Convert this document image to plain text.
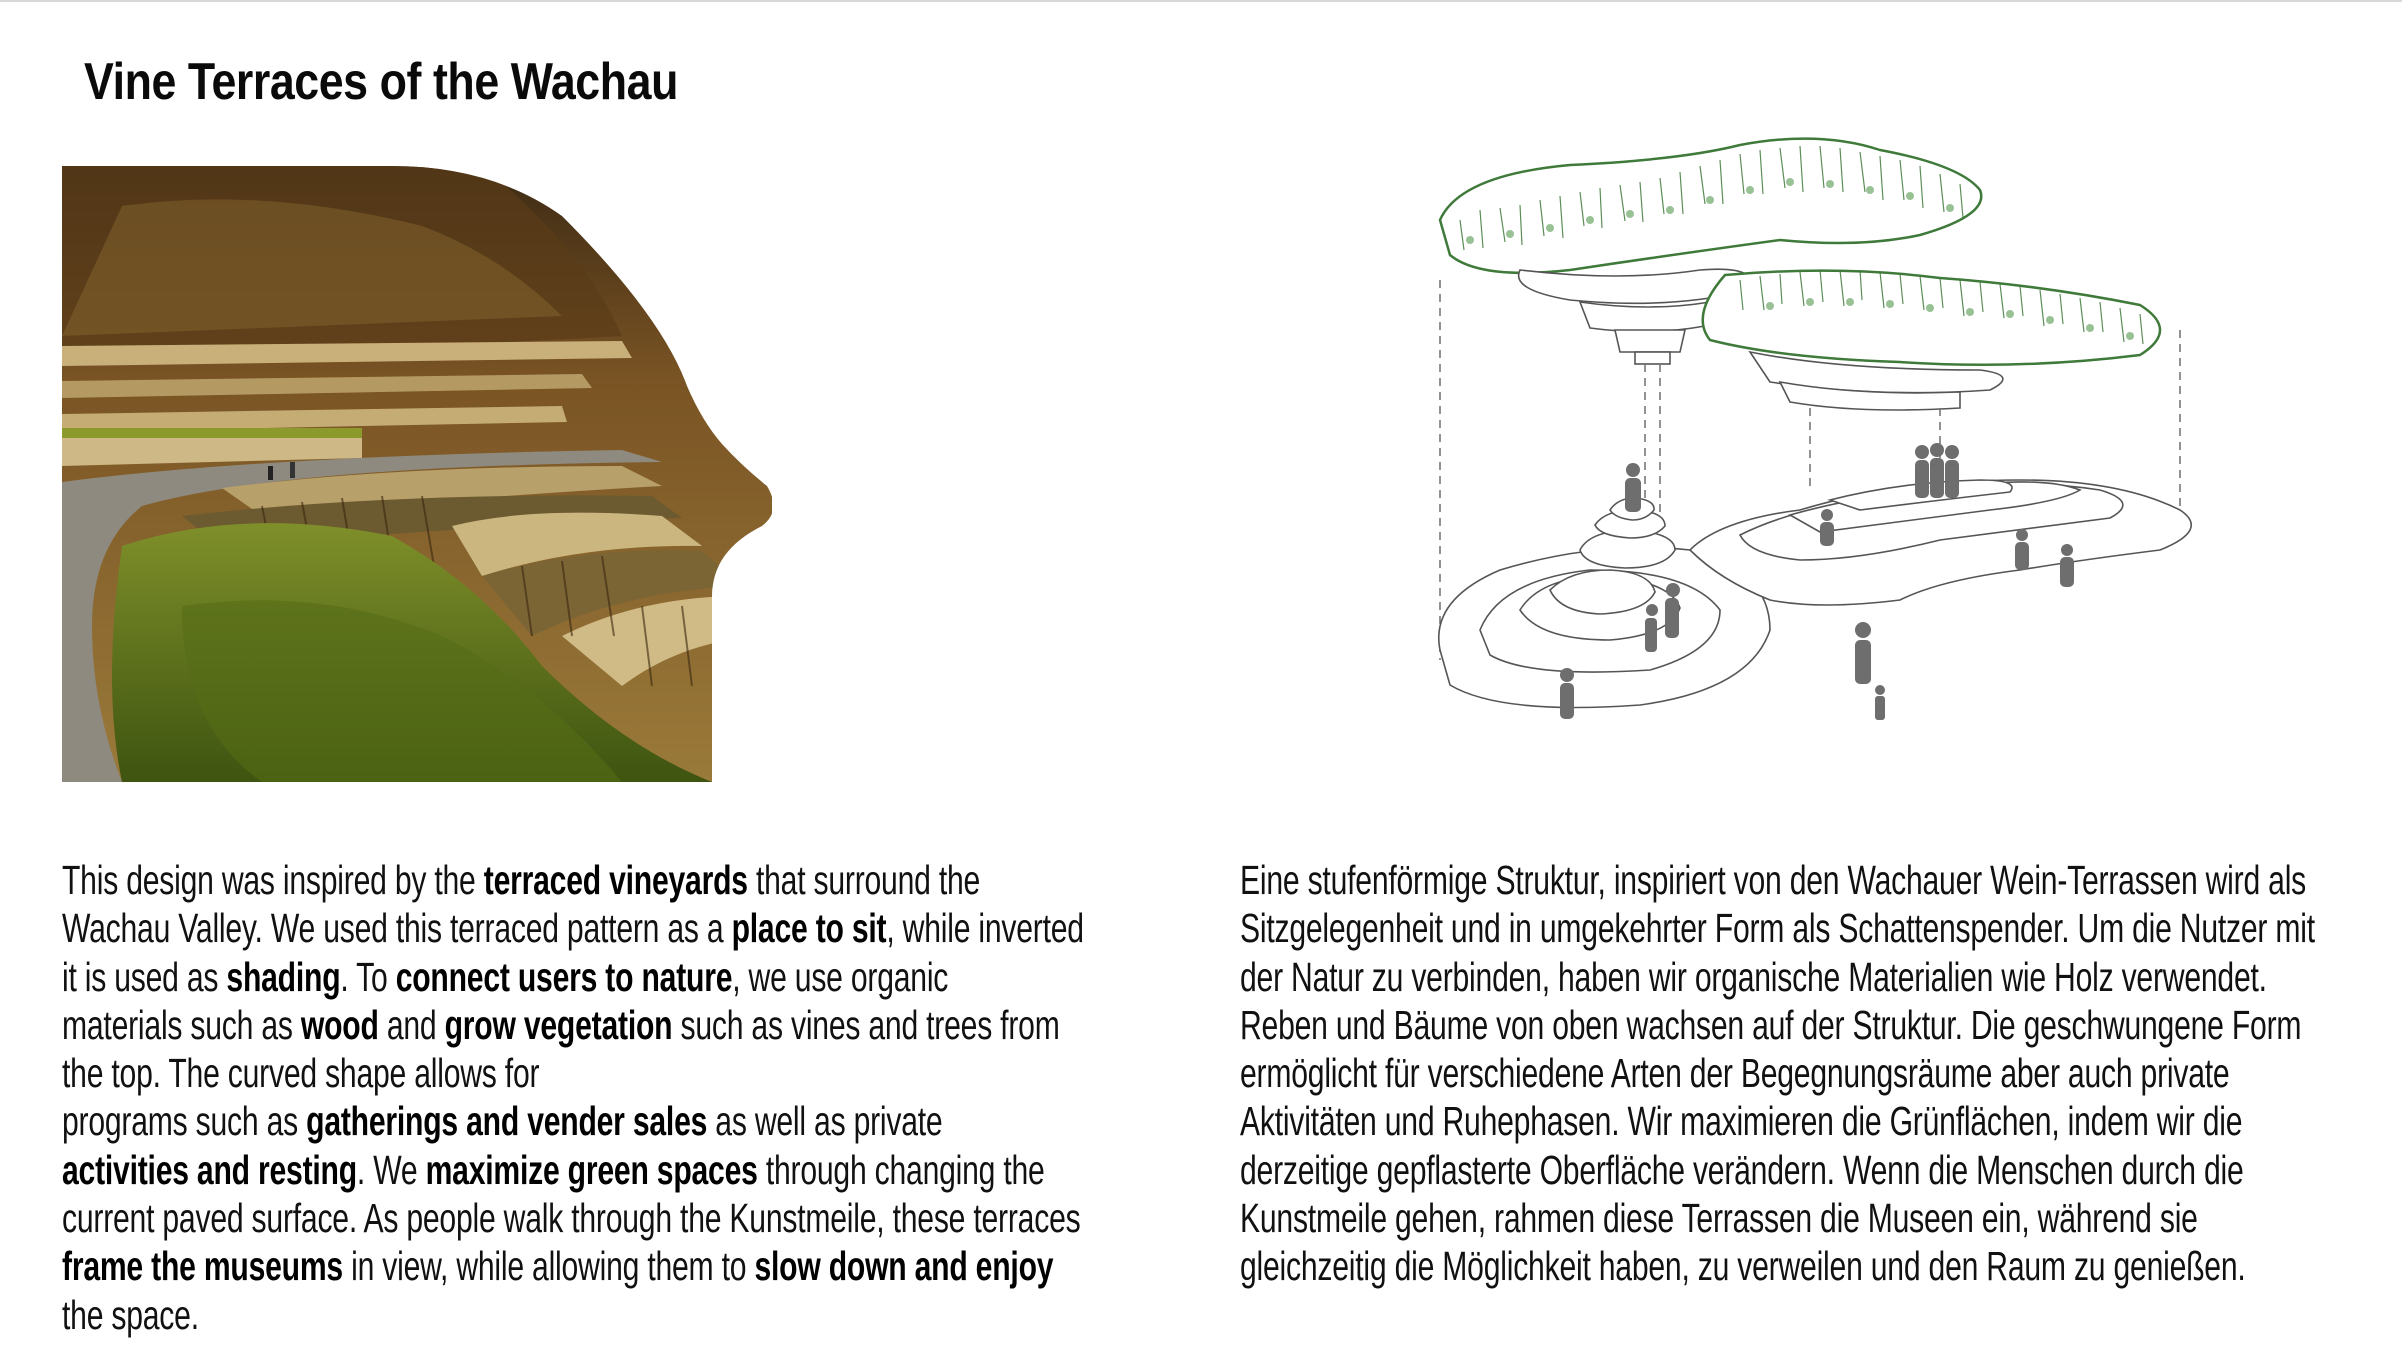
Vine Terraces of the Wachau
This design was inspired by the terraced vineyards that surround the
Wachau Valley. We used this terraced pattern as a place to sit, while inverted
it is used as shading. To connect users to nature, we use organic
materials such as wood and grow vegetation such as vines and trees from
the top. The curved shape allows for
programs such as gatherings and vender sales as well as private
activities and resting. We maximize green spaces through changing the
current paved surface. As people walk through the Kunstmeile, these terraces
frame the museums in view, while allowing them to slow down and enjoy
the space.
Eine stufenförmige Struktur, inspiriert von den Wachauer Wein-Terrassen wird als
Sitzgelegenheit und in umgekehrter Form als Schattenspender. Um die Nutzer mit
der Natur zu verbinden, haben wir organische Materialien wie Holz verwendet.
Reben und Bäume von oben wachsen auf der Struktur. Die geschwungene Form
ermöglicht für verschiedene Arten der Begegnungsräume aber auch private
Aktivitäten und Ruhephasen. Wir maximieren die Grünflächen, indem wir die
derzeitige gepflasterte Oberfläche verändern. Wenn die Menschen durch die
Kunstmeile gehen, rahmen diese Terrassen die Museen ein, während sie
gleichzeitig die Möglichkeit haben, zu verweilen und den Raum zu genießen.
